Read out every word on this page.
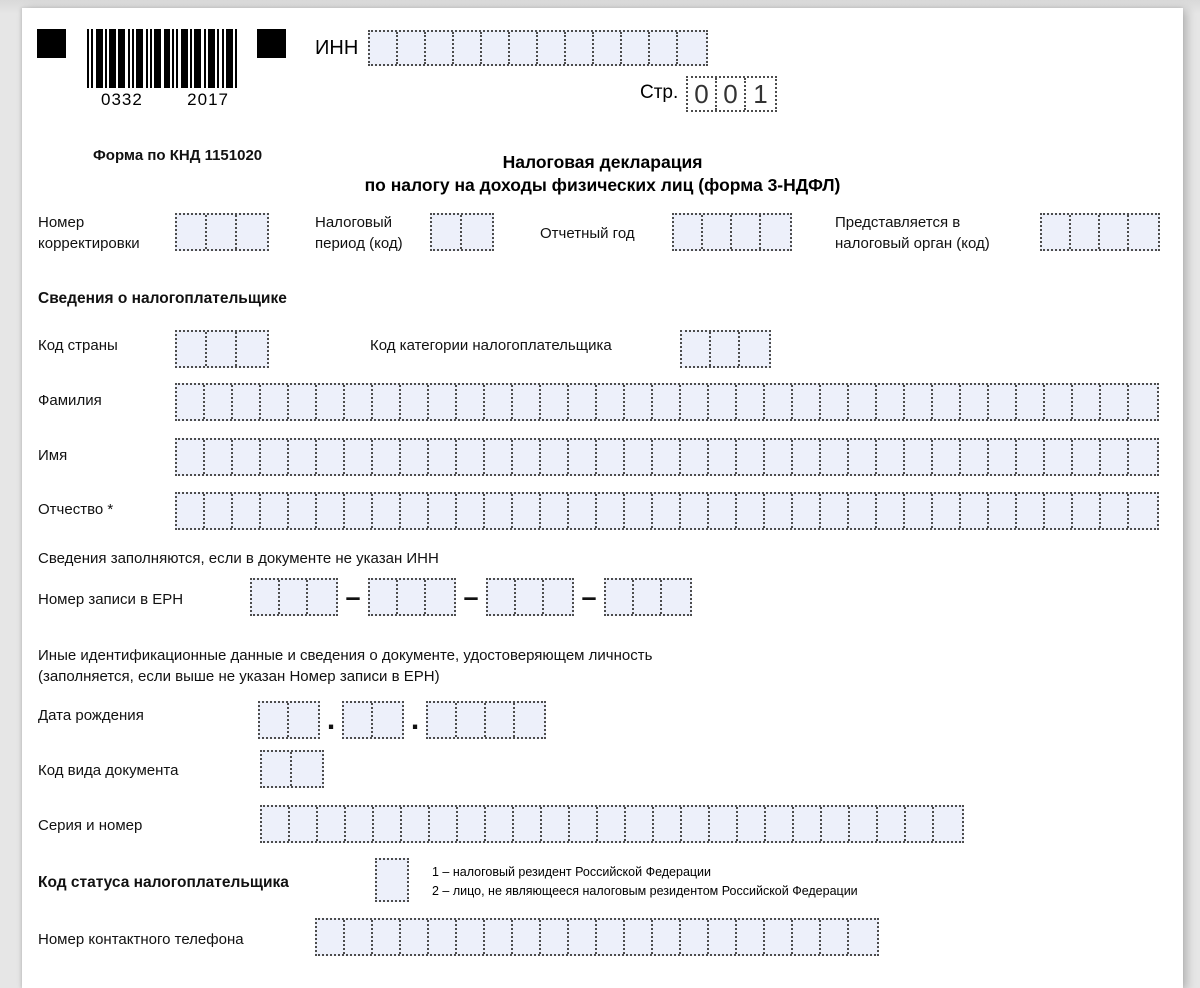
0332	2017
ИНН
Стр. 0 0 1
Форма по КНД 1151020	Налоговая декларация
по налогу на доходы физических лиц (форма 3-НДФЛ)
Номер
корректировки
Налоговый
период (код)
Отчетный год
Представляется в
налоговый орган (код)
Сведения о налогоплательщике
Код страны	Код категории налогоплательщика
Фамилия
Имя
Отчество *
Сведения заполняются, если в документе не указан ИНН
Номер записи в ЕРН	–	–	–
Иные идентификационные данные и сведения о документе, удостоверяющем личность
(заполняется, если выше не указан Номер записи в ЕРН)
Дата рождения	.	.
Код вида документа
Серия и номер
Код статуса налогоплательщика
1 – налоговый резидент Российской Федерации
2 – лицо, не являющееся налоговым резидентом Российской Федерации
Номер контактного телефона
